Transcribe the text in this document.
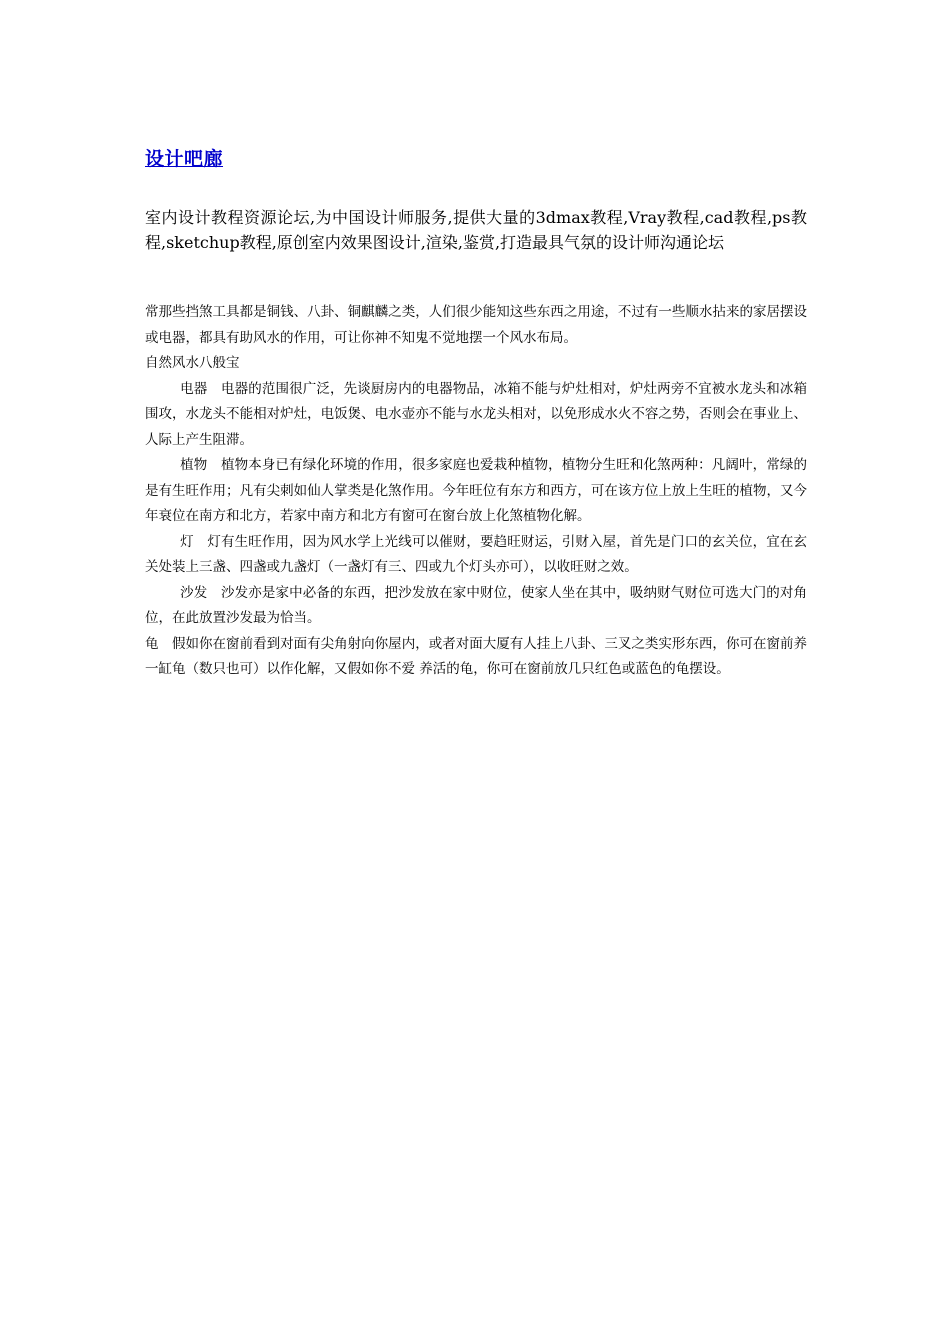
设计吧廊
室内设计教程资源论坛,为中国设计师服务,提供大量的3dmax教程,Vray教程,cad教程,ps教程,sketchup教程,原创室内效果图设计,渲染,鉴赏,打造最具气氛的设计师沟通论坛

常那些挡煞工具都是铜钱、八卦、铜麒麟之类，人们很少能知这些东西之用途，不过有一些顺水拈来的家居摆设或电器，都具有助风水的作用，可让你神不知鬼不觉地摆一个风水布局。

自然风水八般宝

电器　电器的范围很广泛，先谈厨房内的电器物品，冰箱不能与炉灶相对，炉灶两旁不宜被水龙头和冰箱围攻，水龙头不能相对炉灶，电饭煲、电水壶亦不能与水龙头相对，以免形成水火不容之势，否则会在事业上、人际上产生阻滞。

植物　植物本身已有绿化环境的作用，很多家庭也爱栽种植物，植物分生旺和化煞两种：凡阔叶，常绿的是有生旺作用；凡有尖刺如仙人掌类是化煞作用。今年旺位有东方和西方，可在该方位上放上生旺的植物，又今年衰位在南方和北方，若家中南方和北方有窗可在窗台放上化煞植物化解。

灯　灯有生旺作用，因为风水学上光线可以催财，要趋旺财运，引财入屋，首先是门口的玄关位，宜在玄关处装上三盏、四盏或九盏灯（一盏灯有三、四或九个灯头亦可），以收旺财之效。

沙发　沙发亦是家中必备的东西，把沙发放在家中财位，使家人坐在其中，吸纳财气财位可选大门的对角位，在此放置沙发最为恰当。

龟　假如你在窗前看到对面有尖角射向你屋内，或者对面大厦有人挂上八卦、三叉之类实形东西，你可在窗前养一缸龟（数只也可）以作化解，又假如你不爱 养活的龟，你可在窗前放几只红色或蓝色的龟摆设。
